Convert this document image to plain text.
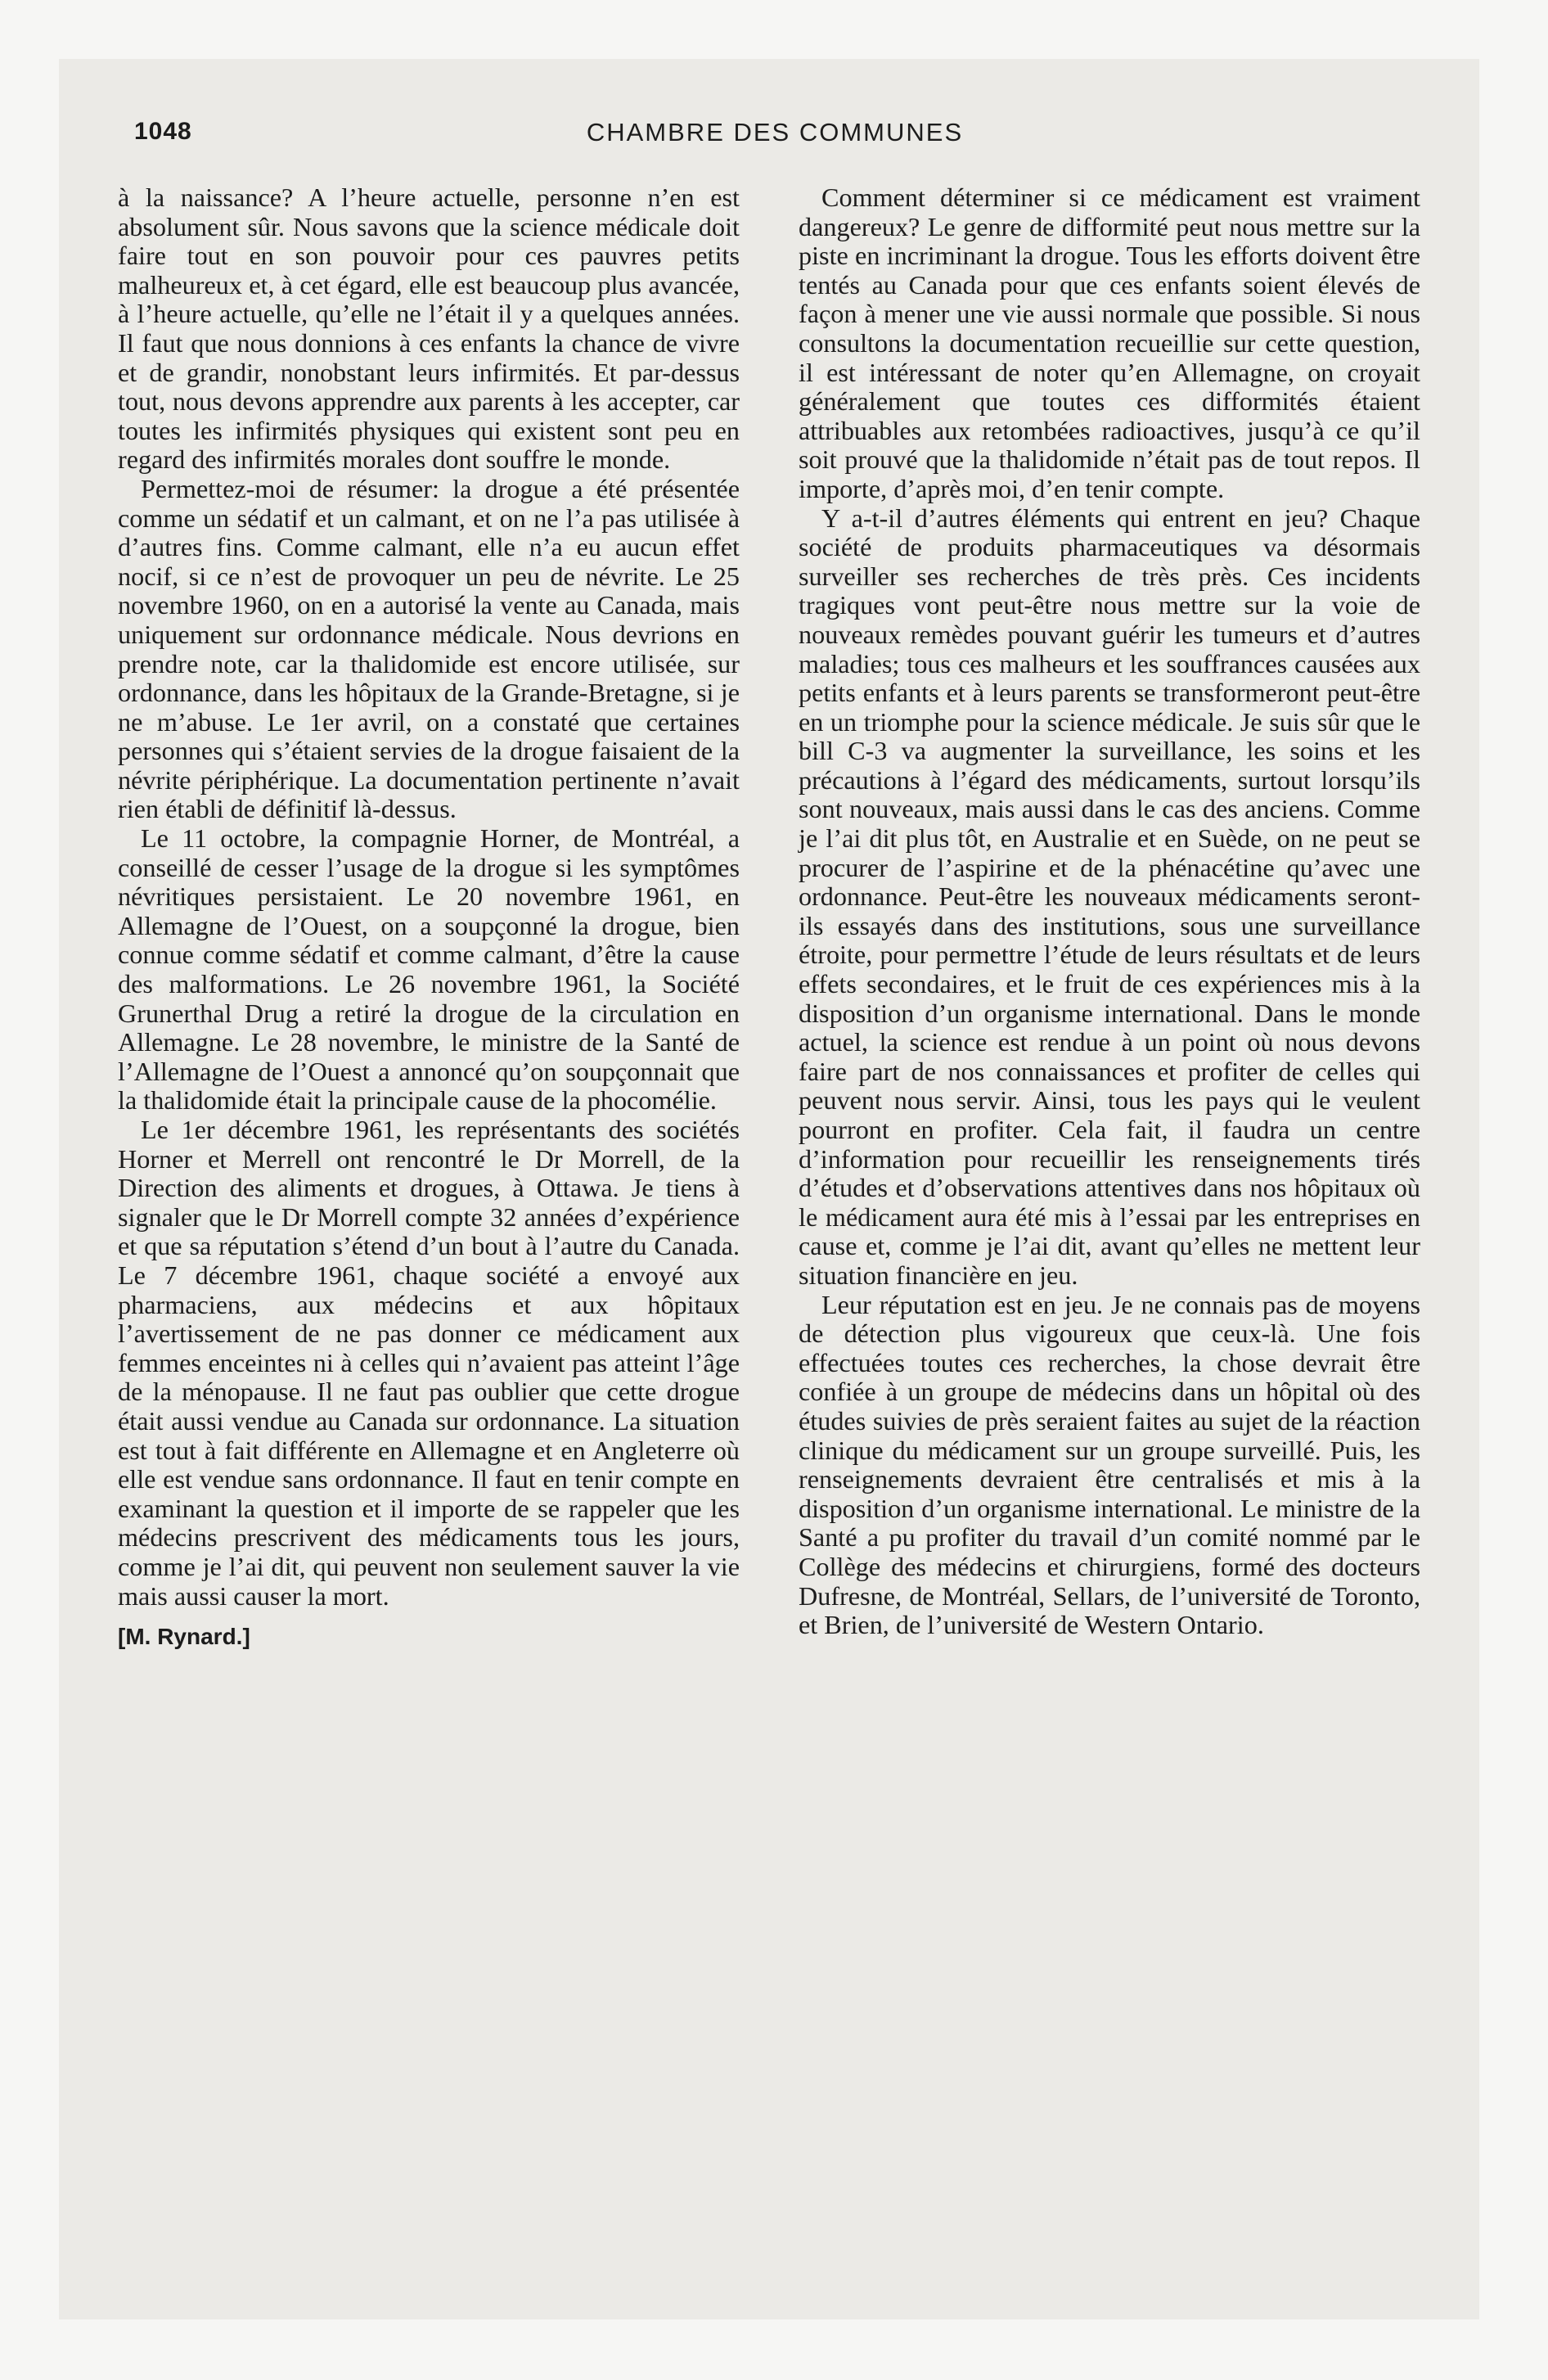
1048	CHAMBRE DES COMMUNES

à la naissance? A l’heure actuelle, personne n’en est absolument sûr. Nous savons que la science médicale doit faire tout en son pouvoir pour ces pauvres petits malheureux et, à cet égard, elle est beaucoup plus avancée, à l’heure actuelle, qu’elle ne l’était il y a quelques années. Il faut que nous donnions à ces enfants la chance de vivre et de grandir, nonobstant leurs infirmités. Et par-dessus tout, nous devons apprendre aux parents à les accepter, car toutes les infirmités physiques qui existent sont peu en regard des infirmités morales dont souffre le monde.

Permettez-moi de résumer: la drogue a été présentée comme un sédatif et un calmant, et on ne l’a pas utilisée à d’autres fins. Comme calmant, elle n’a eu aucun effet nocif, si ce n’est de provoquer un peu de névrite. Le 25 novembre 1960, on en a autorisé la vente au Canada, mais uniquement sur ordonnance médicale. Nous devrions en prendre note, car la thalidomide est encore utilisée, sur ordonnance, dans les hôpitaux de la Grande-Bretagne, si je ne m’abuse. Le 1er avril, on a constaté que certaines personnes qui s’étaient servies de la drogue faisaient de la névrite périphérique. La documentation pertinente n’avait rien établi de définitif là-dessus.

Le 11 octobre, la compagnie Horner, de Montréal, a conseillé de cesser l’usage de la drogue si les symptômes névritiques persistaient. Le 20 novembre 1961, en Allemagne de l’Ouest, on a soupçonné la drogue, bien connue comme sédatif et comme calmant, d’être la cause des malformations. Le 26 novembre 1961, la Société Grunerthal Drug a retiré la drogue de la circulation en Allemagne. Le 28 novembre, le ministre de la Santé de l’Allemagne de l’Ouest a annoncé qu’on soupçonnait que la thalidomide était la principale cause de la phocomélie.

Le 1er décembre 1961, les représentants des sociétés Horner et Merrell ont rencontré le Dr Morrell, de la Direction des aliments et drogues, à Ottawa. Je tiens à signaler que le Dr Morrell compte 32 années d’expérience et que sa réputation s’étend d’un bout à l’autre du Canada. Le 7 décembre 1961, chaque société a envoyé aux pharmaciens, aux médecins et aux hôpitaux l’avertissement de ne pas donner ce médicament aux femmes enceintes ni à celles qui n’avaient pas atteint l’âge de la ménopause. Il ne faut pas oublier que cette drogue était aussi vendue au Canada sur ordonnance. La situation est tout à fait différente en Allemagne et en Angleterre où elle est vendue sans ordonnance. Il faut en tenir compte en examinant la question et il importe de se rappeler que les médecins prescrivent des médicaments tous les jours, comme je l’ai dit, qui peuvent non seulement sauver la vie mais aussi causer la mort.

[M. Rynard.]

Comment déterminer si ce médicament est vraiment dangereux? Le genre de difformité peut nous mettre sur la piste en incriminant la drogue. Tous les efforts doivent être tentés au Canada pour que ces enfants soient élevés de façon à mener une vie aussi normale que possible. Si nous consultons la documentation recueillie sur cette question, il est intéressant de noter qu’en Allemagne, on croyait généralement que toutes ces difformités étaient attribuables aux retombées radioactives, jusqu’à ce qu’il soit prouvé que la thalidomide n’était pas de tout repos. Il importe, d’après moi, d’en tenir compte.

Y a-t-il d’autres éléments qui entrent en jeu? Chaque société de produits pharmaceutiques va désormais surveiller ses recherches de très près. Ces incidents tragiques vont peut-être nous mettre sur la voie de nouveaux remèdes pouvant guérir les tumeurs et d’autres maladies; tous ces malheurs et les souffrances causées aux petits enfants et à leurs parents se transformeront peut-être en un triomphe pour la science médicale. Je suis sûr que le bill C-3 va augmenter la surveillance, les soins et les précautions à l’égard des médicaments, surtout lorsqu’ils sont nouveaux, mais aussi dans le cas des anciens. Comme je l’ai dit plus tôt, en Australie et en Suède, on ne peut se procurer de l’aspirine et de la phénacétine qu’avec une ordonnance. Peut-être les nouveaux médicaments seront-ils essayés dans des institutions, sous une surveillance étroite, pour permettre l’étude de leurs résultats et de leurs effets secondaires, et le fruit de ces expériences mis à la disposition d’un organisme international. Dans le monde actuel, la science est rendue à un point où nous devons faire part de nos connaissances et profiter de celles qui peuvent nous servir. Ainsi, tous les pays qui le veulent pourront en profiter. Cela fait, il faudra un centre d’information pour recueillir les renseignements tirés d’études et d’observations attentives dans nos hôpitaux où le médicament aura été mis à l’essai par les entreprises en cause et, comme je l’ai dit, avant qu’elles ne mettent leur situation financière en jeu.

Leur réputation est en jeu. Je ne connais pas de moyens de détection plus vigoureux que ceux-là. Une fois effectuées toutes ces recherches, la chose devrait être confiée à un groupe de médecins dans un hôpital où des études suivies de près seraient faites au sujet de la réaction clinique du médicament sur un groupe surveillé. Puis, les renseignements devraient être centralisés et mis à la disposition d’un organisme international. Le ministre de la Santé a pu profiter du travail d’un comité nommé par le Collège des médecins et chirurgiens, formé des docteurs Dufresne, de Montréal, Sellars, de l’université de Toronto, et Brien, de l’université de Western Ontario.
